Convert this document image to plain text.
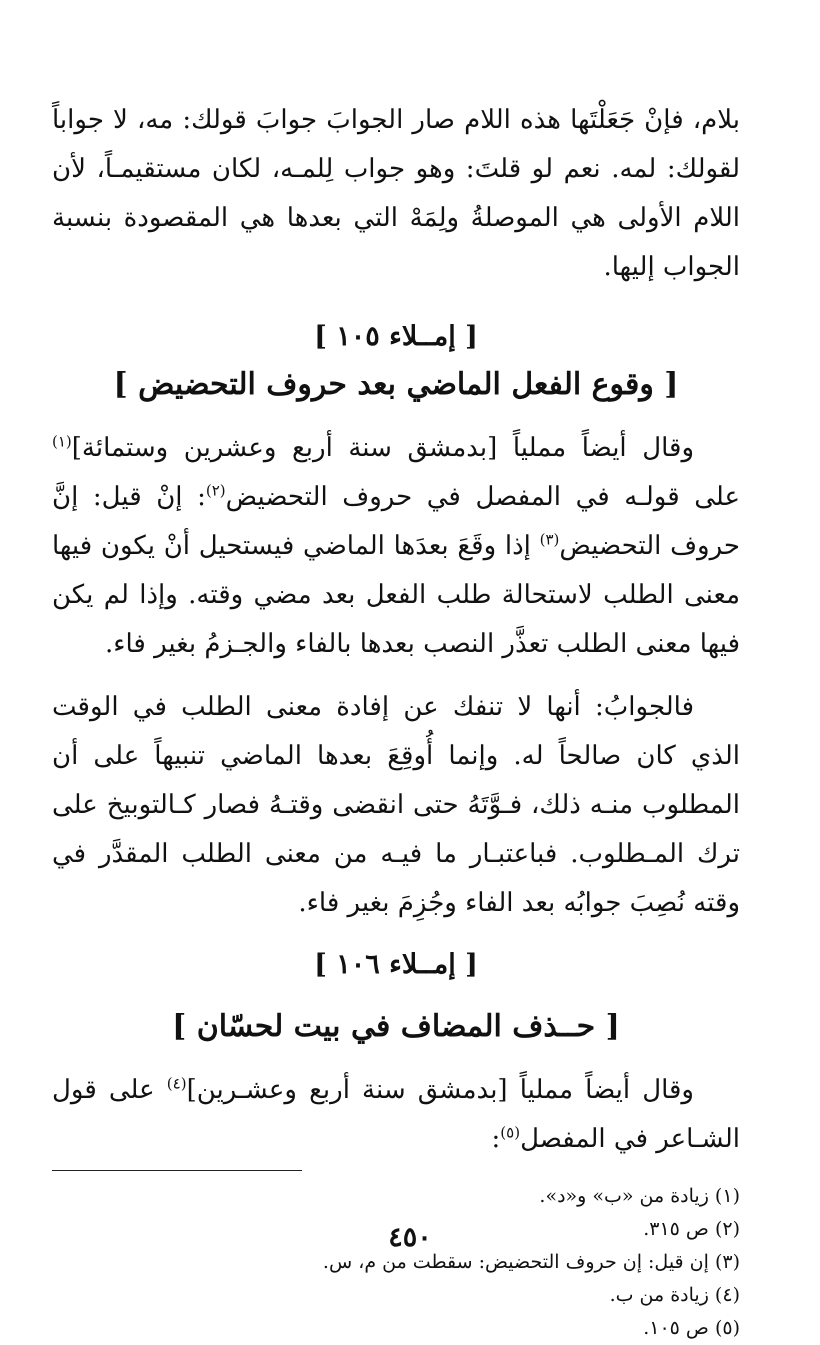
بلام، فإنْ جَعَلْتَها هذه اللام صار الجوابَ جوابَ قولك: مه، لا جواباً لقولك: لمه. نعم لو قلتَ: وهو جواب لِلمـه، لكان مستقيمـاً، لأن اللام الأولى هي الموصلةُ ولِمَهْ التي بعدها هي المقصودة بنسبة الجواب إليها.

[ إمــلاء ١٠٥ ]

[ وقوع الفعل الماضي بعد حروف التحضيض ]

وقال أيضاً مملياً [بدمشق سنة أربع وعشرين وستمائة]$^{(١)}$ على قولـه في المفصل في حروف التحضيض$^{(٢)}$: إنْ قيل: إنَّ حروف التحضيض$^{(٣)}$ إذا وقَعَ بعدَها الماضي فيستحيل أنْ يكون فيها معنى الطلب لاستحالة طلب الفعل بعد مضي وقته. وإذا لم يكن فيها معنى الطلب تعذَّر النصب بعدها بالفاء والجـزمُ بغير فاء.

فالجوابُ: أنها لا تنفك عن إفادة معنى الطلب في الوقت الذي كان صالحاً له. وإنما أُوقِعَ بعدها الماضي تنبيهاً على أن المطلوب منـه ذلك، فـوَّتَهُ حتى انقضى وقتـهُ فصار كـالتوبيخ على ترك المـطلوب. فباعتبـار ما فيـه من معنى الطلب المقدَّر في وقته نُصِبَ جوابُه بعد الفاء وجُزِمَ بغير فاء.

[ إمــلاء ١٠٦ ]

[ حــذف المضاف في بيت لحسّان ]

وقال أيضاً مملياً [بدمشق سنة أربع وعشـرين]$^{(٤)}$ على قول الشـاعر في المفصل$^{(٥)}$:

(١) زيادة من «ب» و«د».
(٢) ص ٣١٥.
(٣) إن قيل: إن حروف التحضيض: سقطت من م، س.
(٤) زيادة من ب.
(٥) ص ١٠٥.
٤٥٠
